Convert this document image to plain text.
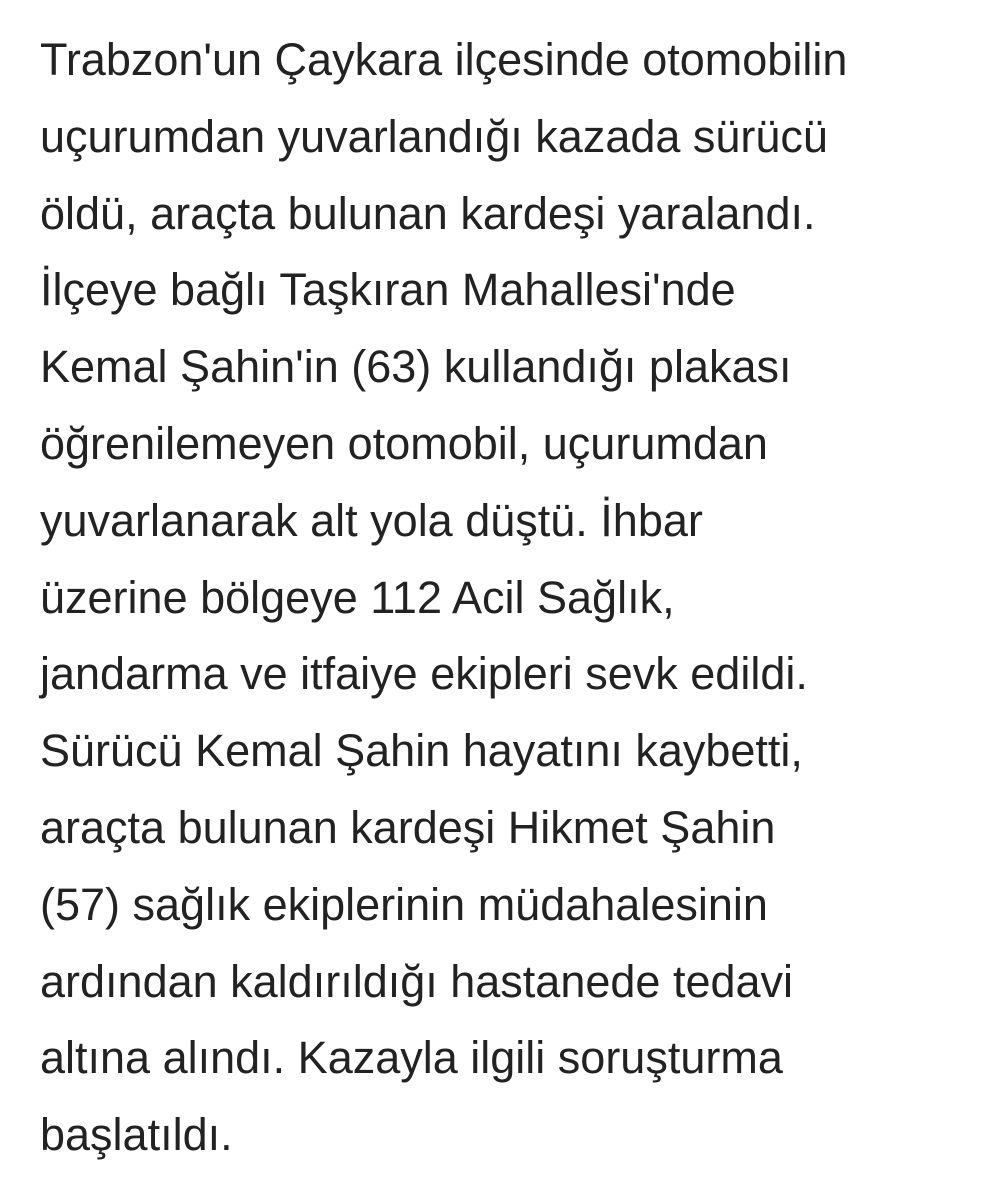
Trabzon'un Çaykara ilçesinde otomobilin
uçurumdan yuvarlandığı kazada sürücü
öldü, araçta bulunan kardeşi yaralandı.
İlçeye bağlı Taşkıran Mahallesi'nde
Kemal Şahin'in (63) kullandığı plakası
öğrenilemeyen otomobil, uçurumdan
yuvarlanarak alt yola düştü. İhbar
üzerine bölgeye 112 Acil Sağlık,
jandarma ve itfaiye ekipleri sevk edildi.
Sürücü Kemal Şahin hayatını kaybetti,
araçta bulunan kardeşi Hikmet Şahin
(57) sağlık ekiplerinin müdahalesinin
ardından kaldırıldığı hastanede tedavi
altına alındı. Kazayla ilgili soruşturma
başlatıldı.
